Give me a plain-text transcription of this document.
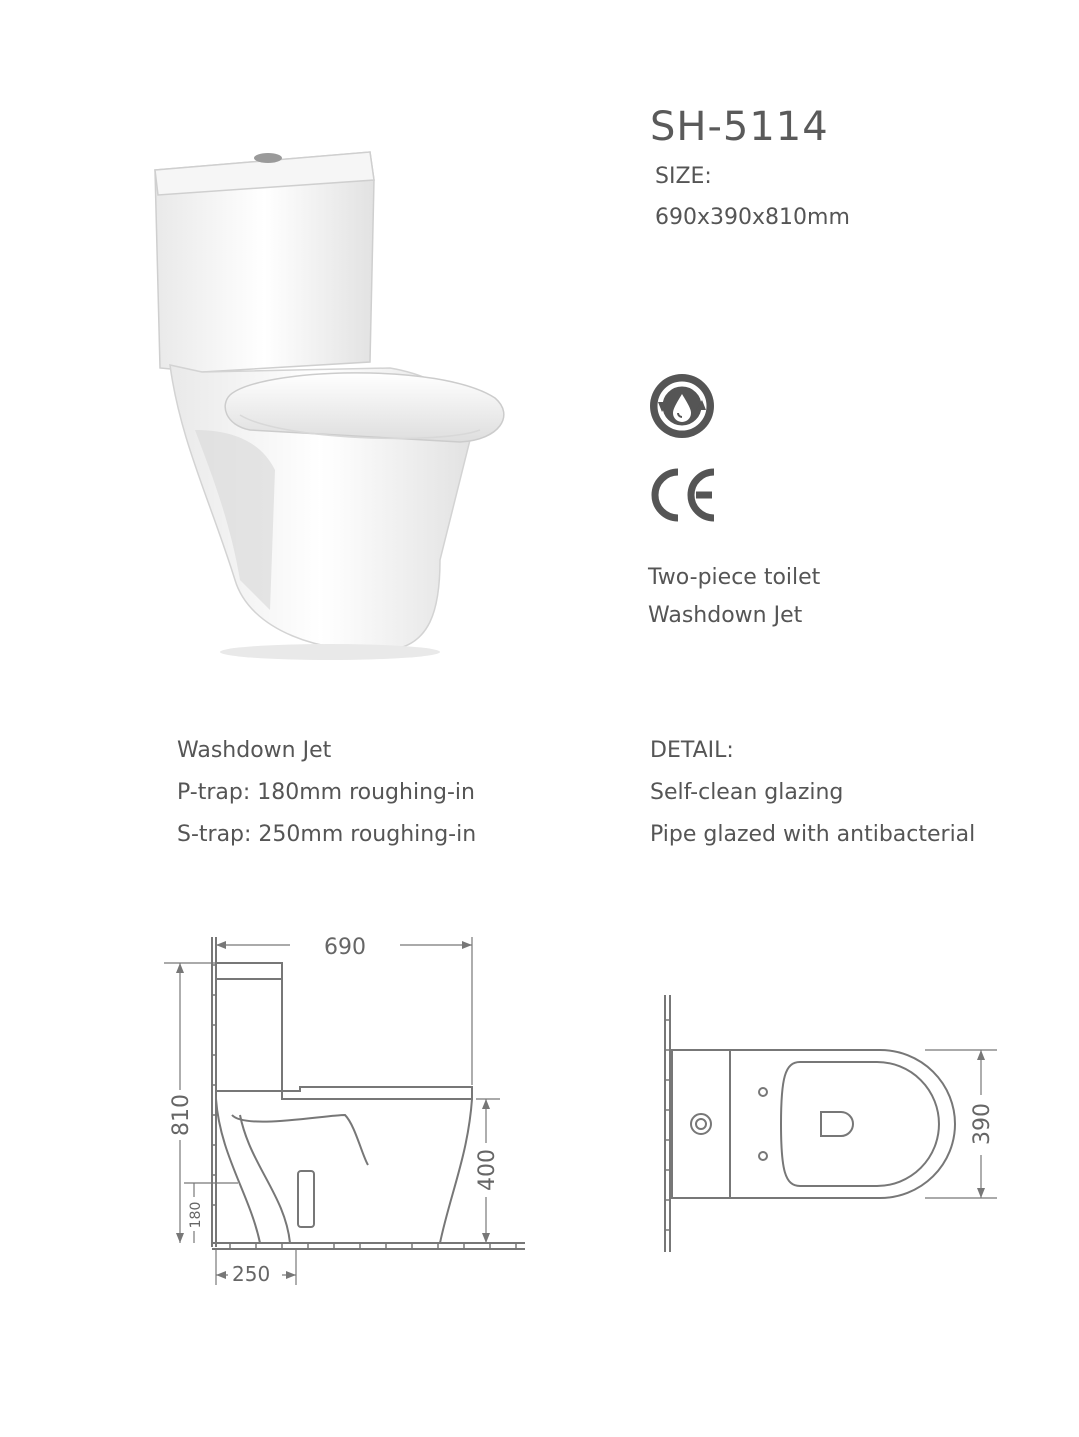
SH-5114
SIZE:
690x390x810mm
Two-piece toilet
Washdown Jet
Washdown Jet
P-trap: 180mm roughing-in
S-trap: 250mm roughing-in
DETAIL:
Self-clean glazing
Pipe glazed with antibacterial
690
810
400
180
250
390
